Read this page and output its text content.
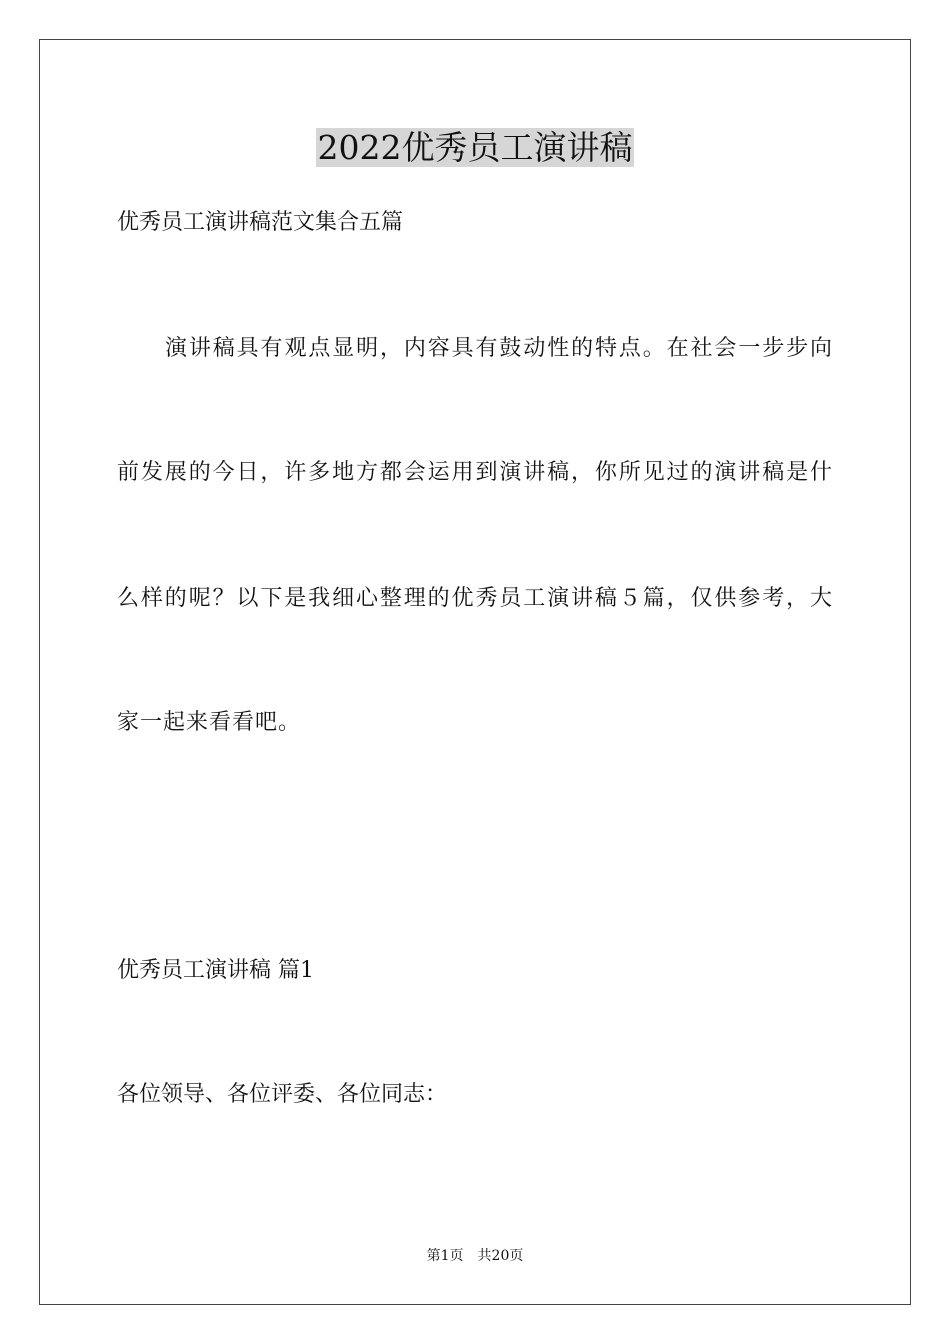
2022优秀员工演讲稿
优秀员工演讲稿范文集合五篇
演讲稿具有观点显明，内容具有鼓动性的特点。在社会一步步向
前发展的今日，许多地方都会运用到演讲稿，你所见过的演讲稿是什
么样的呢？以下是我细心整理的优秀员工演讲稿５篇，仅供参考，大
家一起来看看吧。
优秀员工演讲稿 篇1
各位领导、各位评委、各位同志：
第1页 共20页
